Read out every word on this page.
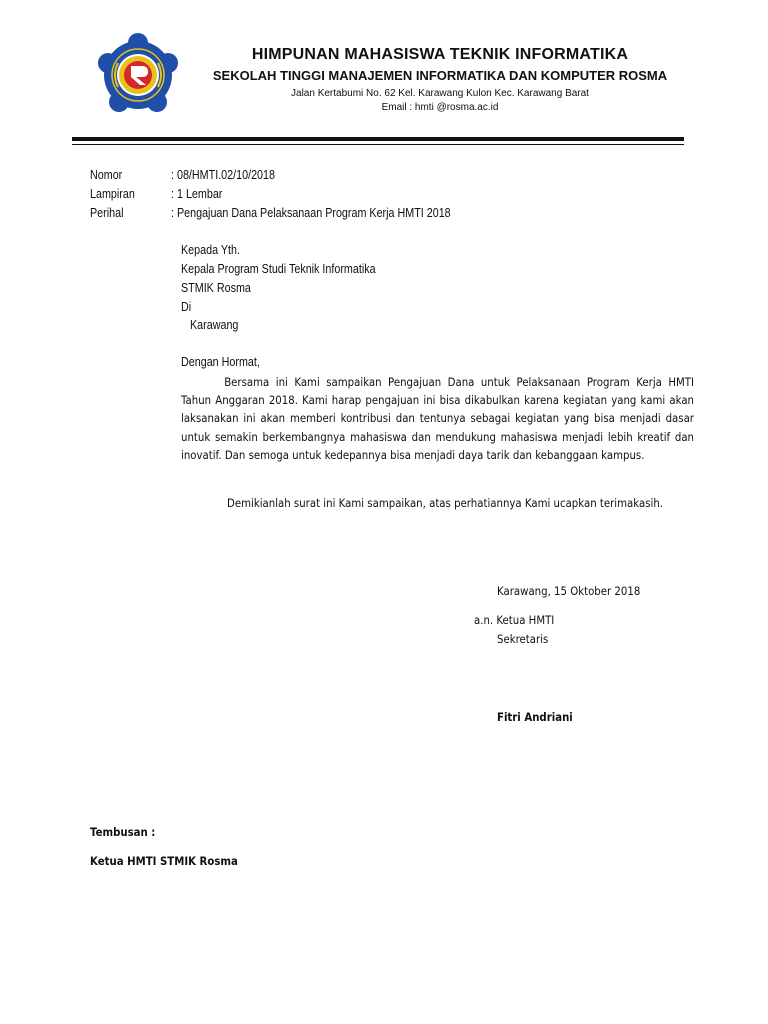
HIMPUNAN MAHASISWA TEKNIK INFORMATIKA
SEKOLAH TINGGI MANAJEMEN INFORMATIKA DAN KOMPUTER ROSMA
Jalan Kertabumi No. 62 Kel. Karawang Kulon Kec. Karawang Barat
Email : hmti @rosma.ac.id
Nomor	: 08/HMTI.02/10/2018
Lampiran	: 1 Lembar
Perihal	: Pengajuan Dana Pelaksanaan Program Kerja HMTI 2018
Kepada Yth.
Kepala Program Studi Teknik Informatika
STMIK Rosma
Di
Karawang
Dengan Hormat,

Bersama ini Kami sampaikan Pengajuan Dana untuk Pelaksanaan Program Kerja HMTI Tahun Anggaran 2018. Kami harap pengajuan ini bisa dikabulkan karena kegiatan yang kami akan laksanakan ini akan memberi kontribusi dan tentunya sebagai kegiatan yang bisa menjadi dasar untuk semakin berkembangnya mahasiswa dan mendukung mahasiswa menjadi lebih kreatif dan inovatif. Dan semoga untuk kedepannya bisa menjadi daya tarik dan kebanggaan kampus.

Demikianlah surat ini Kami sampaikan, atas perhatiannya Kami ucapkan terimakasih.
Karawang, 15 Oktober 2018
a.n. Ketua HMTI
Sekretaris
Fitri Andriani
Tembusan :
Ketua HMTI STMIK Rosma
